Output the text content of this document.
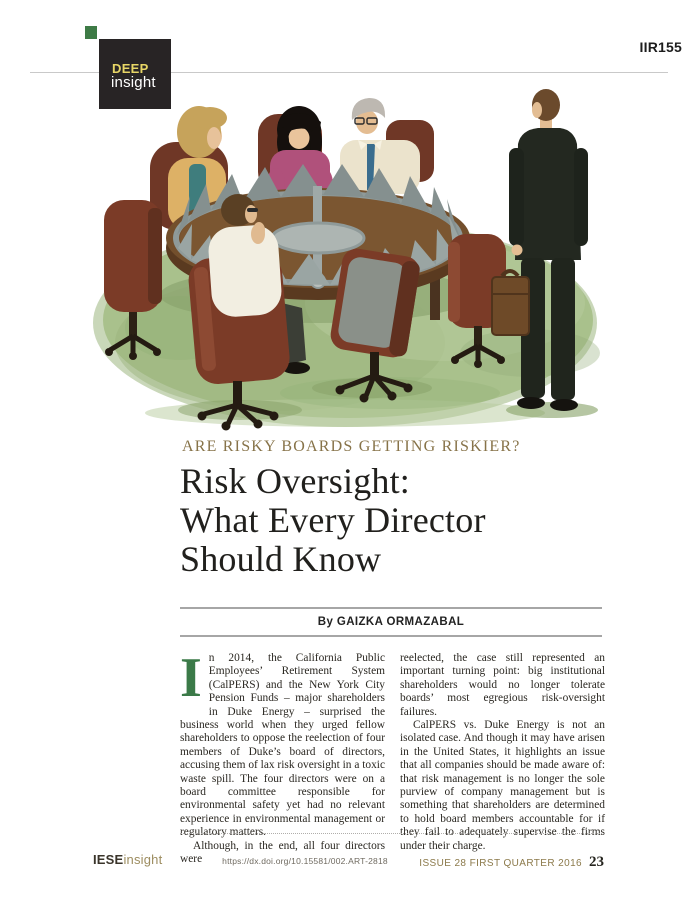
DEEP
insight
IIR155
ARE RISKY BOARDS GETTING RISKIER?
Risk Oversight:
What Every Director
Should Know
By GAIZKA ORMAZABAL

In 2014, the California Public Employees’ Retirement System (CalPERS) and the New York City Pension Funds – major shareholders in Duke Energy – surprised the business world when they urged fellow shareholders to oppose the reelection of four members of Duke’s board of directors, accusing them of lax risk oversight in a toxic waste spill. The four directors were on a board committee responsible for environmental safety yet had no relevant experience in environmental management or regulatory matters.

Although, in the end, all four directors were

reelected, the case still represented an important turning point: big institutional shareholders would no longer tolerate boards’ most egregious risk-oversight failures.

CalPERS vs. Duke Energy is not an isolated case. And though it may have arisen in the United States, it highlights an issue that all companies should be made aware of: that risk management is no longer the sole purview of company management but is something that shareholders are determined to hold board members accountable for if they fail to adequately supervise the firms under their charge.

IESEinsight	https://dx.doi.org/10.15581/002.ART-2818	ISSUE 28 FIRST QUARTER 2016 23
